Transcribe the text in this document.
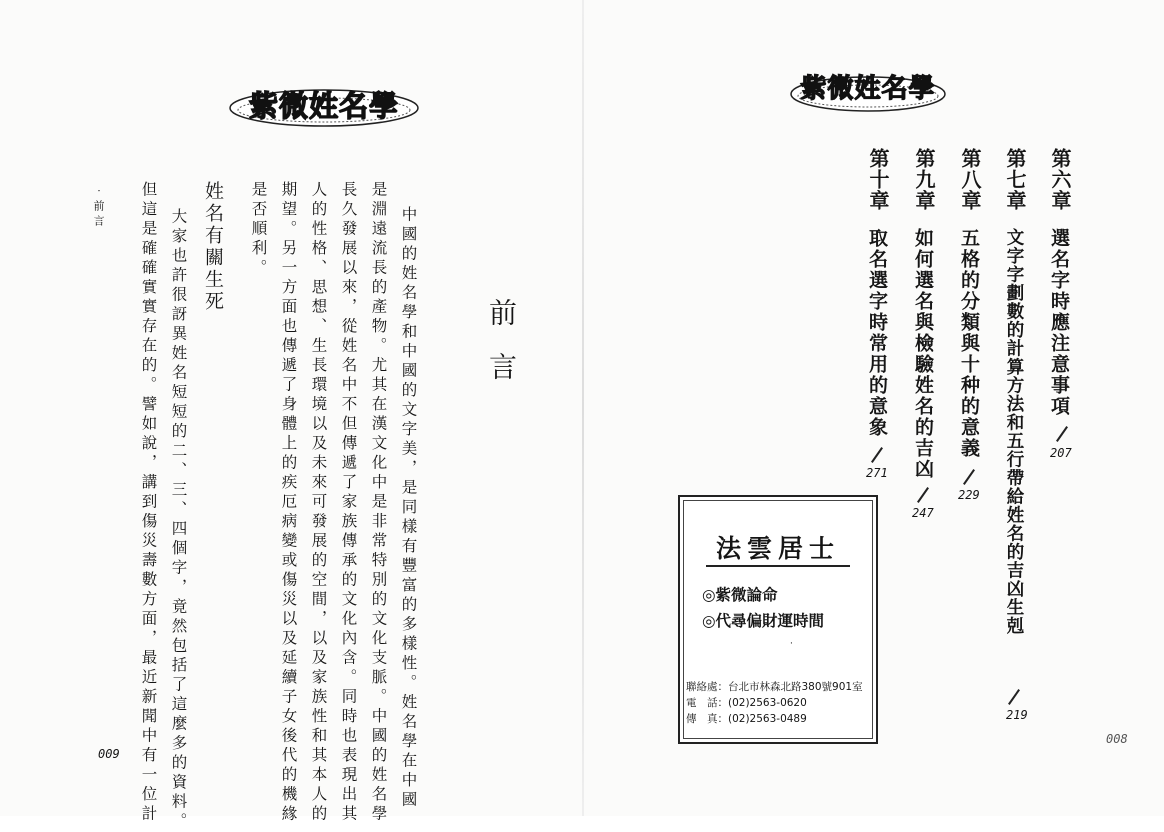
紫微姓名學
前言
中國的姓名學和中國的文字美，是同樣有豐富的多樣性。姓名學在中國
是淵遠流長的產物。尤其在漢文化中是非常特別的文化支脈。中國的姓名學
長久發展以來，從姓名中不但傳遞了家族傳承的文化內含。同時也表現出其
人的性格、思想、生長環境以及未來可發展的空間，以及家族性和其本人的
期望。另一方面也傳遞了身體上的疾厄病變或傷災以及延續子女後代的機緣
是否順利。
姓名有關生死
大家也許很訝異姓名短短的二、三、四個字，竟然包括了這麼多的資料。
但這是確確實實存在的。譬如說，講到傷災壽數方面，最近新聞中有一位計
‧前言
009
紫微姓名學
第六章
選名字時應注意事項
207
第七章
文字字劃數的計算方法和五行帶給姓名的吉凶生剋
219
第八章
五格的分類與十种的意義
229
第九章
如何選名與檢驗姓名的吉凶
247
第十章
取名選字時常用的意象
271
法雲居士
◎紫微論命
◎代尋偏財運時間
·
聯絡處：台北市林森北路380號901室
電　話：(02)2563-0620
傳　真：(02)2563-0489
008
